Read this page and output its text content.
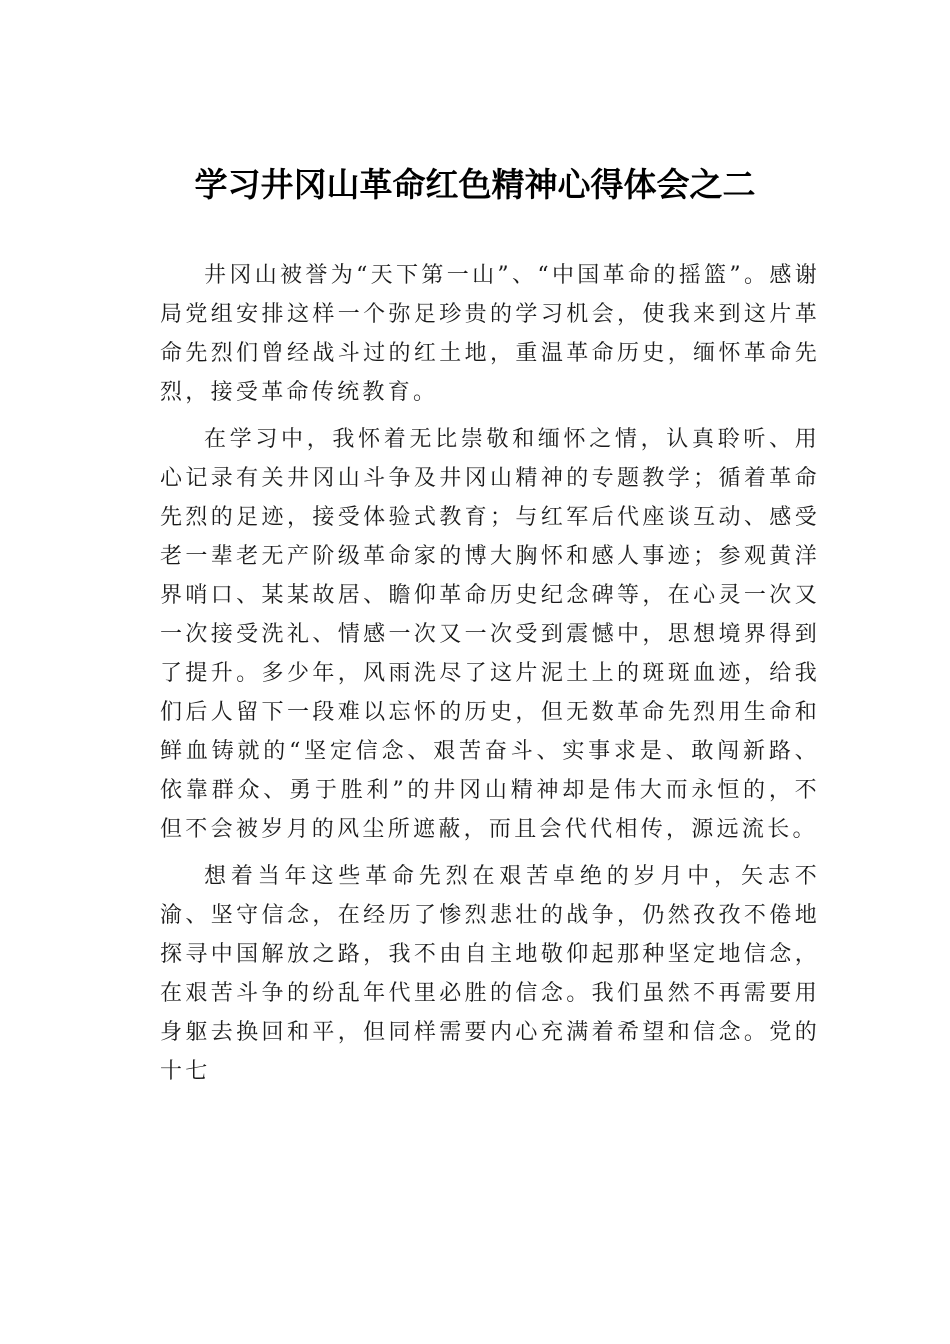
学习井冈山革命红色精神心得体会之二

井冈山被誉为“天下第一山”、“中国革命的摇篮”。感谢局党组安排这样一个弥足珍贵的学习机会，使我来到这片革命先烈们曾经战斗过的红土地，重温革命历史，缅怀革命先烈，接受革命传统教育。

在学习中，我怀着无比崇敬和缅怀之情，认真聆听、用心记录有关井冈山斗争及井冈山精神的专题教学；循着革命先烈的足迹，接受体验式教育；与红军后代座谈互动、感受老一辈老无产阶级革命家的博大胸怀和感人事迹；参观黄洋界哨口、某某故居、瞻仰革命历史纪念碑等，在心灵一次又一次接受洗礼、情感一次又一次受到震憾中，思想境界得到了提升。多少年，风雨洗尽了这片泥土上的斑斑血迹，给我们后人留下一段难以忘怀的历史，但无数革命先烈用生命和鲜血铸就的“坚定信念、艰苦奋斗、实事求是、敢闯新路、依靠群众、勇于胜利”的井冈山精神却是伟大而永恒的，不但不会被岁月的风尘所遮蔽，而且会代代相传，源远流长。

想着当年这些革命先烈在艰苦卓绝的岁月中，矢志不渝、坚守信念，在经历了惨烈悲壮的战争，仍然孜孜不倦地探寻中国解放之路，我不由自主地敬仰起那种坚定地信念，在艰苦斗争的纷乱年代里必胜的信念。我们虽然不再需要用身躯去换回和平，但同样需要内心充满着希望和信念。党的十七
